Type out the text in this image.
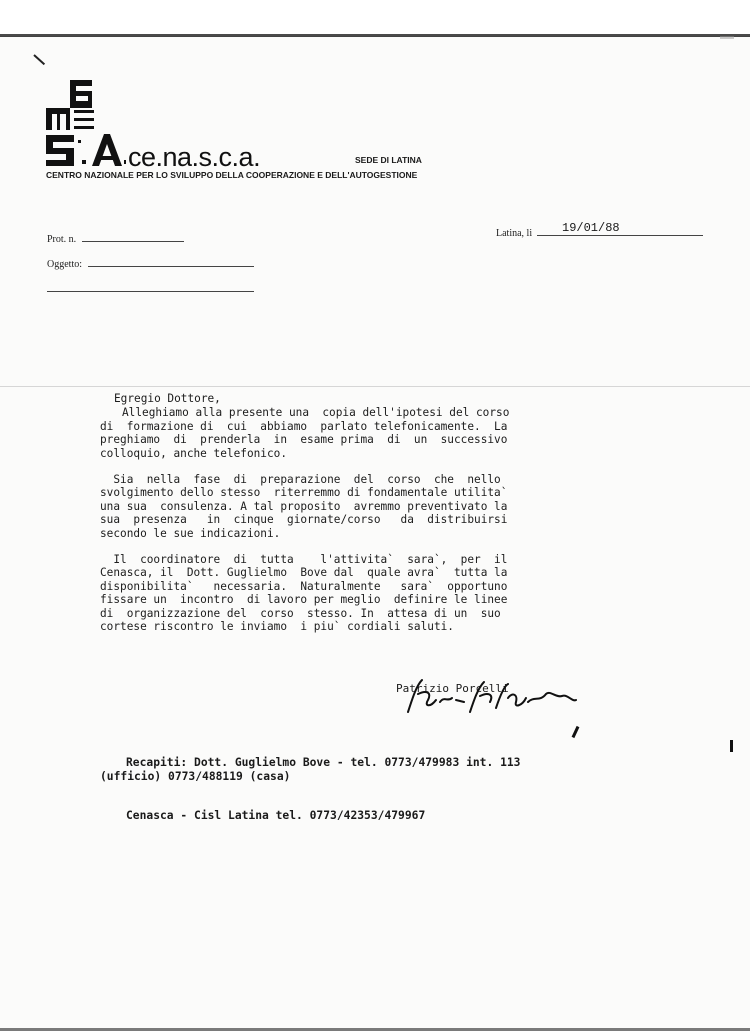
ce.na.s.c.a.	SEDE DI LATINA
CENTRO NAZIONALE PER LO SVILUPPO DELLA COOPERAZIONE E DELL'AUTOGESTIONE
Prot. n.
Latina, li 19/01/88
Oggetto:
Egregio Dottore,

Alleghiamo alla presente una  copia dell'ipotesi del corso
di  formazione di  cui  abbiamo  parlato telefonicamente.  La
preghiamo  di  prenderla  in  esame prima  di  un  successivo
colloquio, anche telefonico.

Sia  nella  fase  di  preparazione  del  corso  che  nello
svolgimento dello stesso  riterremmo di fondamentale utilita`
una sua  consulenza. A tal proposito  avremmo preventivato la
sua  presenza   in  cinque  giornate/corso   da  distribuirsi
secondo le sue indicazioni.

Il  coordinatore  di  tutta    l'attivita`  sara`,  per  il
Cenasca, il  Dott. Guglielmo  Bove dal  quale avra`  tutta la
disponibilita`   necessaria.  Naturalmente   sara`  opportuno
fissare un  incontro  di lavoro per meglio  definire le linee
di  organizzazione del  corso  stesso. In  attesa di un  suo
cortese riscontro le inviamo  i piu` cordiali saluti.

Patrizio Porcelli
Recapiti: Dott. Guglielmo Bove - tel. 0773/479983 int. 113
(ufficio) 0773/488119 (casa)
Cenasca - Cisl Latina tel. 0773/42353/479967
